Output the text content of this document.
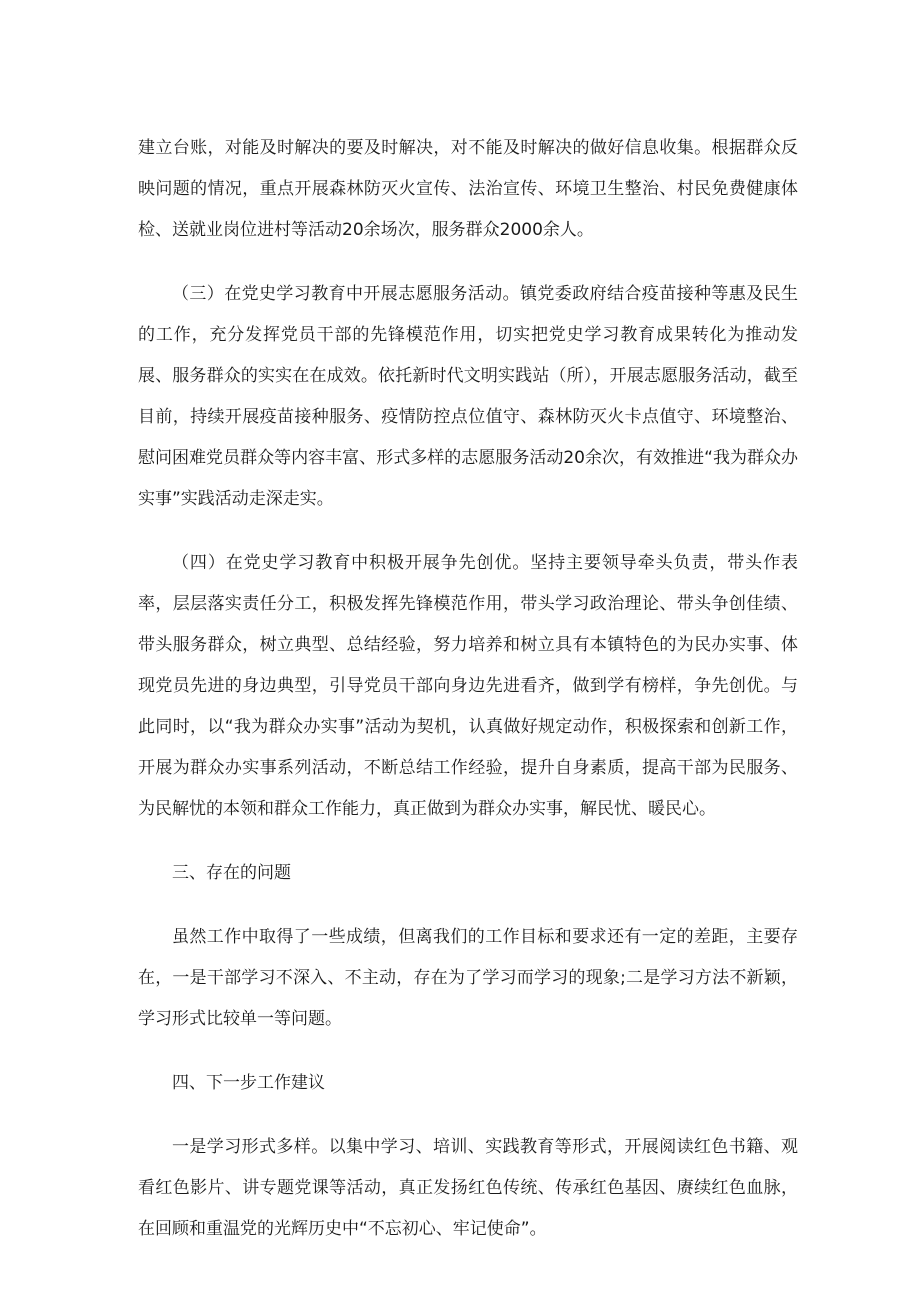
建立台账，对能及时解决的要及时解决，对不能及时解决的做好信息收集。根据群众反映问题的情况，重点开展森林防灭火宣传、法治宣传、环境卫生整治、村民免费健康体检、送就业岗位进村等活动20余场次，服务群众2000余人。

（三）在党史学习教育中开展志愿服务活动。镇党委政府结合疫苗接种等惠及民生的工作，充分发挥党员干部的先锋模范作用，切实把党史学习教育成果转化为推动发展、服务群众的实实在在成效。依托新时代文明实践站（所），开展志愿服务活动，截至目前，持续开展疫苗接种服务、疫情防控点位值守、森林防灭火卡点值守、环境整治、慰问困难党员群众等内容丰富、形式多样的志愿服务活动20余次，有效推进“我为群众办实事”实践活动走深走实。

（四）在党史学习教育中积极开展争先创优。坚持主要领导牵头负责，带头作表率，层层落实责任分工，积极发挥先锋模范作用，带头学习政治理论、带头争创佳绩、带头服务群众，树立典型、总结经验，努力培养和树立具有本镇特色的为民办实事、体现党员先进的身边典型，引导党员干部向身边先进看齐，做到学有榜样，争先创优。与此同时，以“我为群众办实事”活动为契机，认真做好规定动作，积极探索和创新工作，开展为群众办实事系列活动，不断总结工作经验，提升自身素质，提高干部为民服务、为民解忧的本领和群众工作能力，真正做到为群众办实事，解民忧、暖民心。

三、存在的问题

虽然工作中取得了一些成绩，但离我们的工作目标和要求还有一定的差距，主要存在，一是干部学习不深入、不主动，存在为了学习而学习的现象;二是学习方法不新颖，学习形式比较单一等问题。

四、下一步工作建议

一是学习形式多样。以集中学习、培训、实践教育等形式，开展阅读红色书籍、观看红色影片、讲专题党课等活动，真正发扬红色传统、传承红色基因、赓续红色血脉，在回顾和重温党的光辉历史中“不忘初心、牢记使命”。
